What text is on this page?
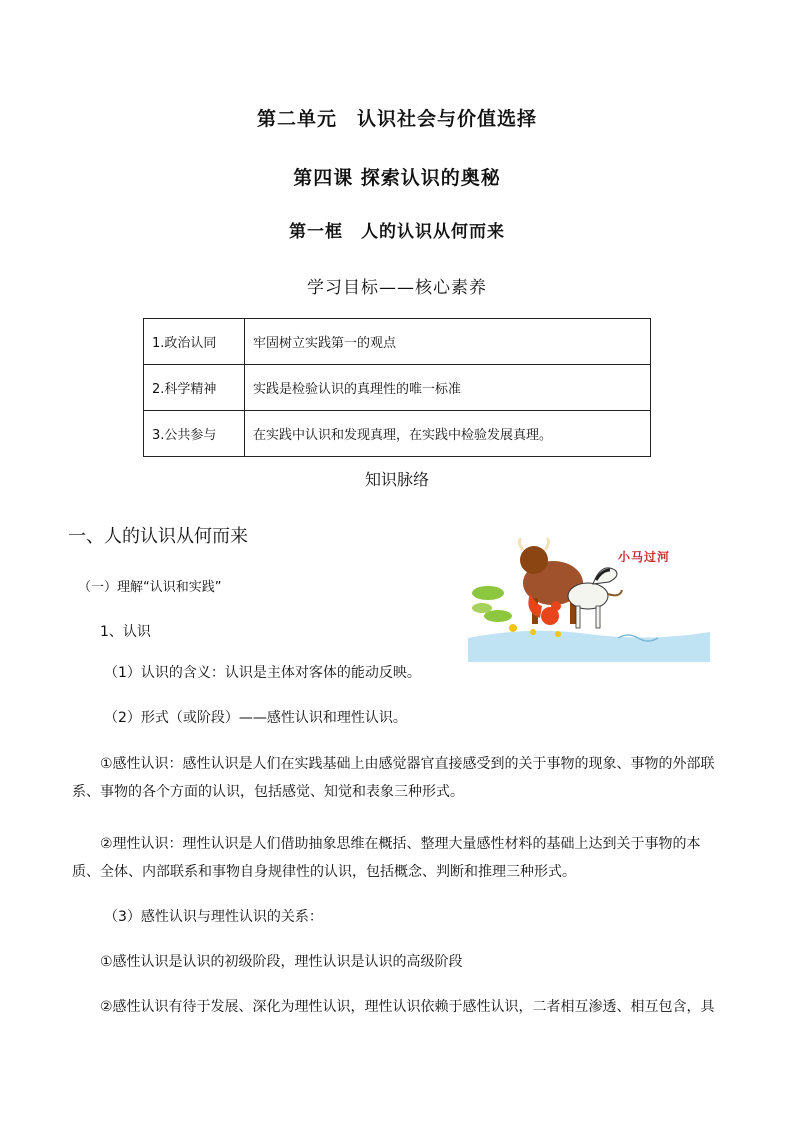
第二单元　认识社会与价值选择
第四课 探索认识的奥秘
第一框　人的认识从何而来
学习目标——核心素养
1.政治认同	牢固树立实践第一的观点
2.科学精神	实践是检验认识的真理性的唯一标准
3.公共参与	在实践中认识和发现真理，在实践中检验发展真理。
知识脉络
一、人的认识从何而来
（一）理解“认识和实践”
1、认识
小马过河
（1）认识的含义：认识是主体对客体的能动反映。
（2）形式（或阶段）——感性认识和理性认识。
①感性认识：感性认识是人们在实践基础上由感觉器官直接感受到的关于事物的现象、事物的外部联系、事物的各个方面的认识，包括感觉、知觉和表象三种形式。
②理性认识：理性认识是人们借助抽象思维在概括、整理大量感性材料的基础上达到关于事物的本质、全体、内部联系和事物自身规律性的认识，包括概念、判断和推理三种形式。
（3）感性认识与理性认识的关系：
①感性认识是认识的初级阶段，理性认识是认识的高级阶段
②感性认识有待于发展、深化为理性认识，理性认识依赖于感性认识，二者相互渗透、相互包含，具
